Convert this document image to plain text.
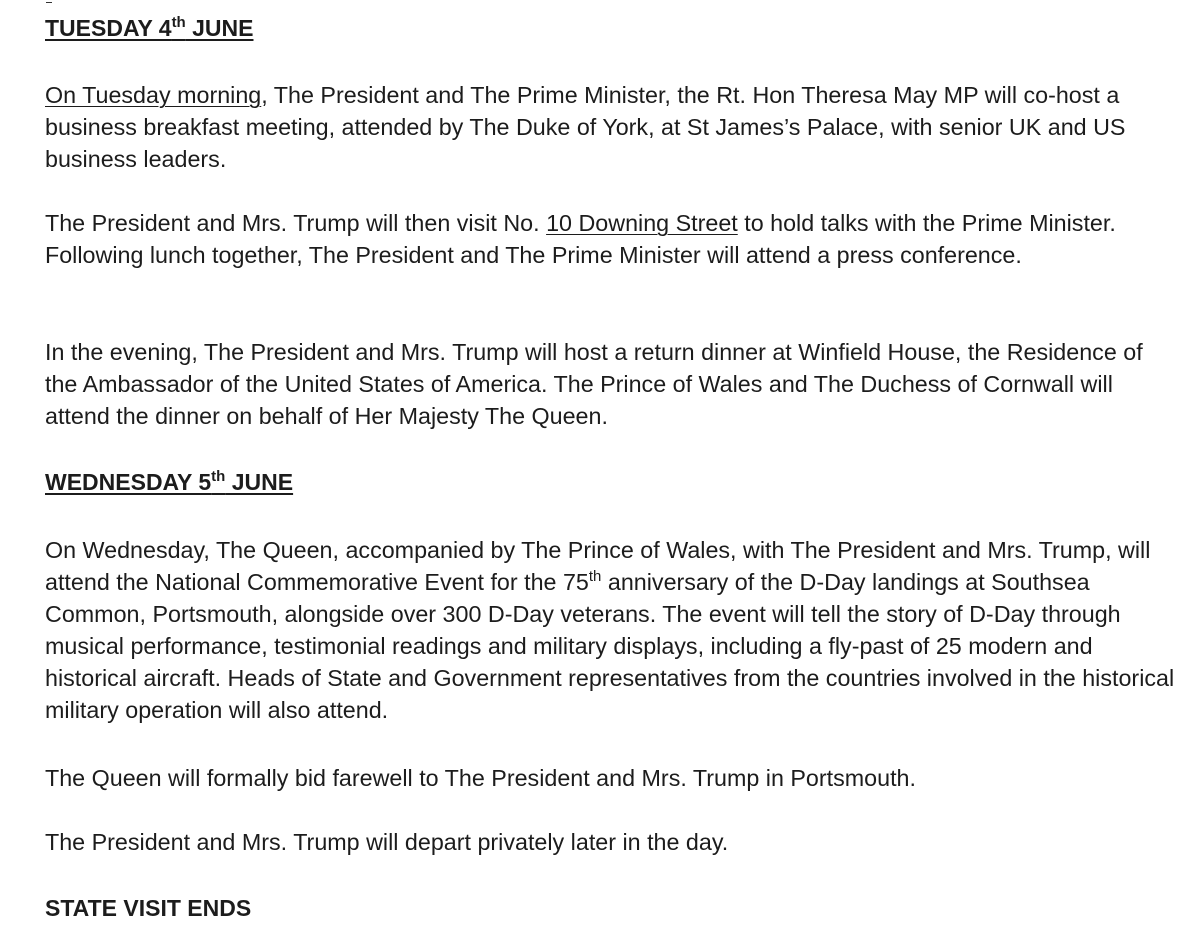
TUESDAY 4th JUNE

On Tuesday morning, The President and The Prime Minister, the Rt. Hon Theresa May MP will co-host a business breakfast meeting, attended by The Duke of York, at St James’s Palace, with senior UK and US business leaders.

The President and Mrs. Trump will then visit No. 10 Downing Street to hold talks with the Prime Minister. Following lunch together, The President and The Prime Minister will attend a press conference.

In the evening, The President and Mrs. Trump will host a return dinner at Winfield House, the Residence of the Ambassador of the United States of America. The Prince of Wales and The Duchess of Cornwall will attend the dinner on behalf of Her Majesty The Queen.

WEDNESDAY 5th JUNE

On Wednesday, The Queen, accompanied by The Prince of Wales, with The President and Mrs. Trump, will attend the National Commemorative Event for the 75th anniversary of the D-Day landings at Southsea Common, Portsmouth, alongside over 300 D-Day veterans. The event will tell the story of D-Day through musical performance, testimonial readings and military displays, including a fly-past of 25 modern and historical aircraft. Heads of State and Government representatives from the countries involved in the historical military operation will also attend.

The Queen will formally bid farewell to The President and Mrs. Trump in Portsmouth.

The President and Mrs. Trump will depart privately later in the day.

STATE VISIT ENDS
